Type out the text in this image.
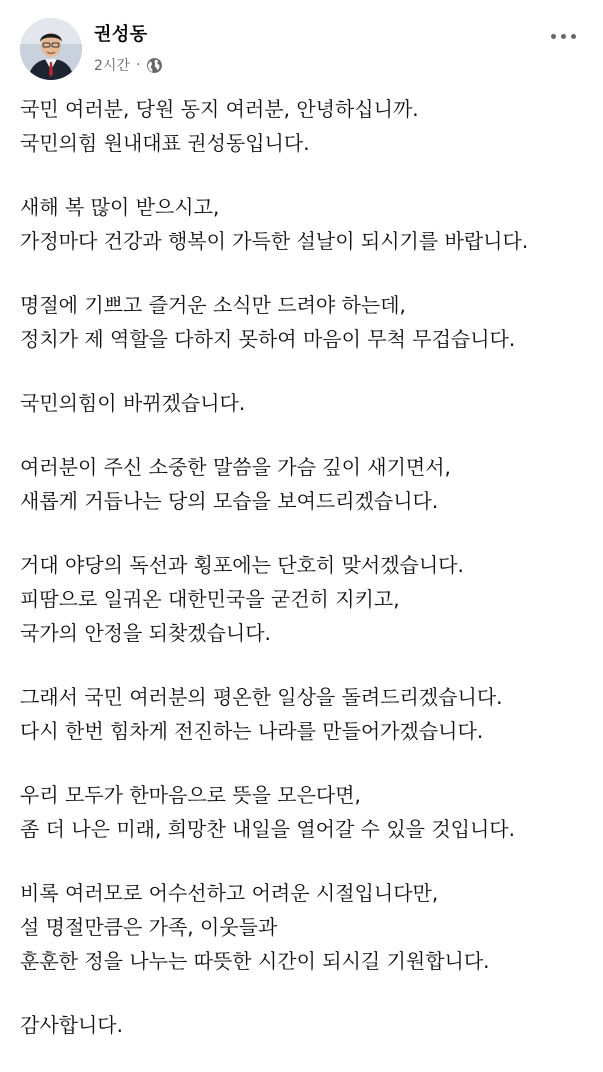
권성동
2시간 ·
국민 여러분, 당원 동지 여러분, 안녕하십니까.
국민의힘 원내대표 권성동입니다.
새해 복 많이 받으시고,
가정마다 건강과 행복이 가득한 설날이 되시기를 바랍니다.
명절에 기쁘고 즐거운 소식만 드려야 하는데,
정치가 제 역할을 다하지 못하여 마음이 무척 무겁습니다.
국민의힘이 바뀌겠습니다.
여러분이 주신 소중한 말씀을 가슴 깊이 새기면서,
새롭게 거듭나는 당의 모습을 보여드리겠습니다.
거대 야당의 독선과 횡포에는 단호히 맞서겠습니다.
피땀으로 일궈온 대한민국을 굳건히 지키고,
국가의 안정을 되찾겠습니다.
그래서 국민 여러분의 평온한 일상을 돌려드리겠습니다.
다시 한번 힘차게 전진하는 나라를 만들어가겠습니다.
우리 모두가 한마음으로 뜻을 모은다면,
좀 더 나은 미래, 희망찬 내일을 열어갈 수 있을 것입니다.
비록 여러모로 어수선하고 어려운 시절입니다만,
설 명절만큼은 가족, 이웃들과
훈훈한 정을 나누는 따뜻한 시간이 되시길 기원합니다.
감사합니다.
